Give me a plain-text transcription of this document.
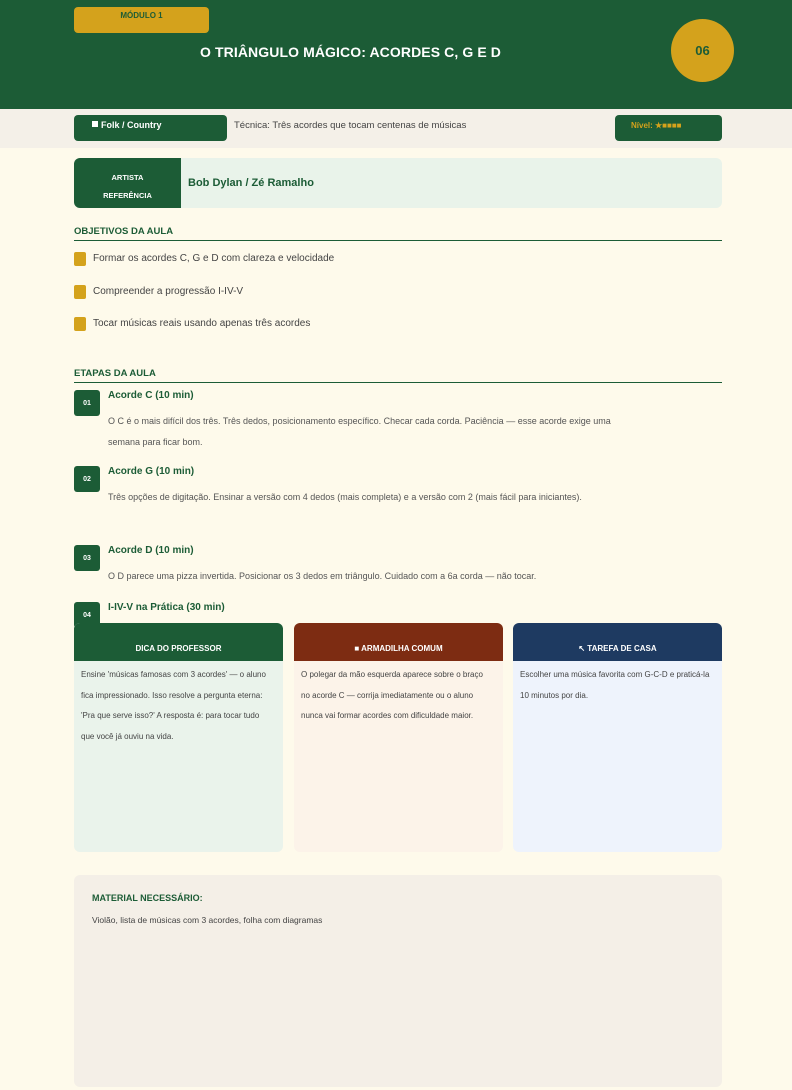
MÓDULO 1
O TRIÂNGULO MÁGICO: ACORDES C, G E D	06
Folk / Country	Técnica: Três acordes que tocam centenas de músicas	Nível: ★■■■■
ARTISTA
REFERÊNCIA
Bob Dylan / Zé Ramalho
OBJETIVOS DA AULA
Formar os acordes C, G e D com clareza e velocidade
Compreender a progressão I-IV-V
Tocar músicas reais usando apenas três acordes
ETAPAS DA AULA
01
Acorde C (10 min)
O C é o mais difícil dos três. Três dedos, posicionamento específico. Checar cada corda. Paciência — esse acorde exige uma semana para ficar bom.
02
Acorde G (10 min)
Três opções de digitação. Ensinar a versão com 4 dedos (mais completa) e a versão com 2 (mais fácil para iniciantes).
03
Acorde D (10 min)
O D parece uma pizza invertida. Posicionar os 3 dedos em triângulo. Cuidado com a 6a corda — não tocar.
04
I-IV-V na Prática (30 min)
DICA DO PROFESSOR
Ensine 'músicas famosas com 3 acordes' — o aluno fica impressionado. Isso resolve a pergunta eterna: 'Pra que serve isso?' A resposta é: para tocar tudo que você já ouviu na vida.
■ ARMADILHA COMUM
O polegar da mão esquerda aparece sobre o braço no acorde C — corrija imediatamente ou o aluno nunca vai formar acordes com dificuldade maior.
↖ TAREFA DE CASA
Escolher uma música favorita com G-C-D e praticá-la 10 minutos por dia.
MATERIAL NECESSÁRIO:
Violão, lista de músicas com 3 acordes, folha com diagramas
